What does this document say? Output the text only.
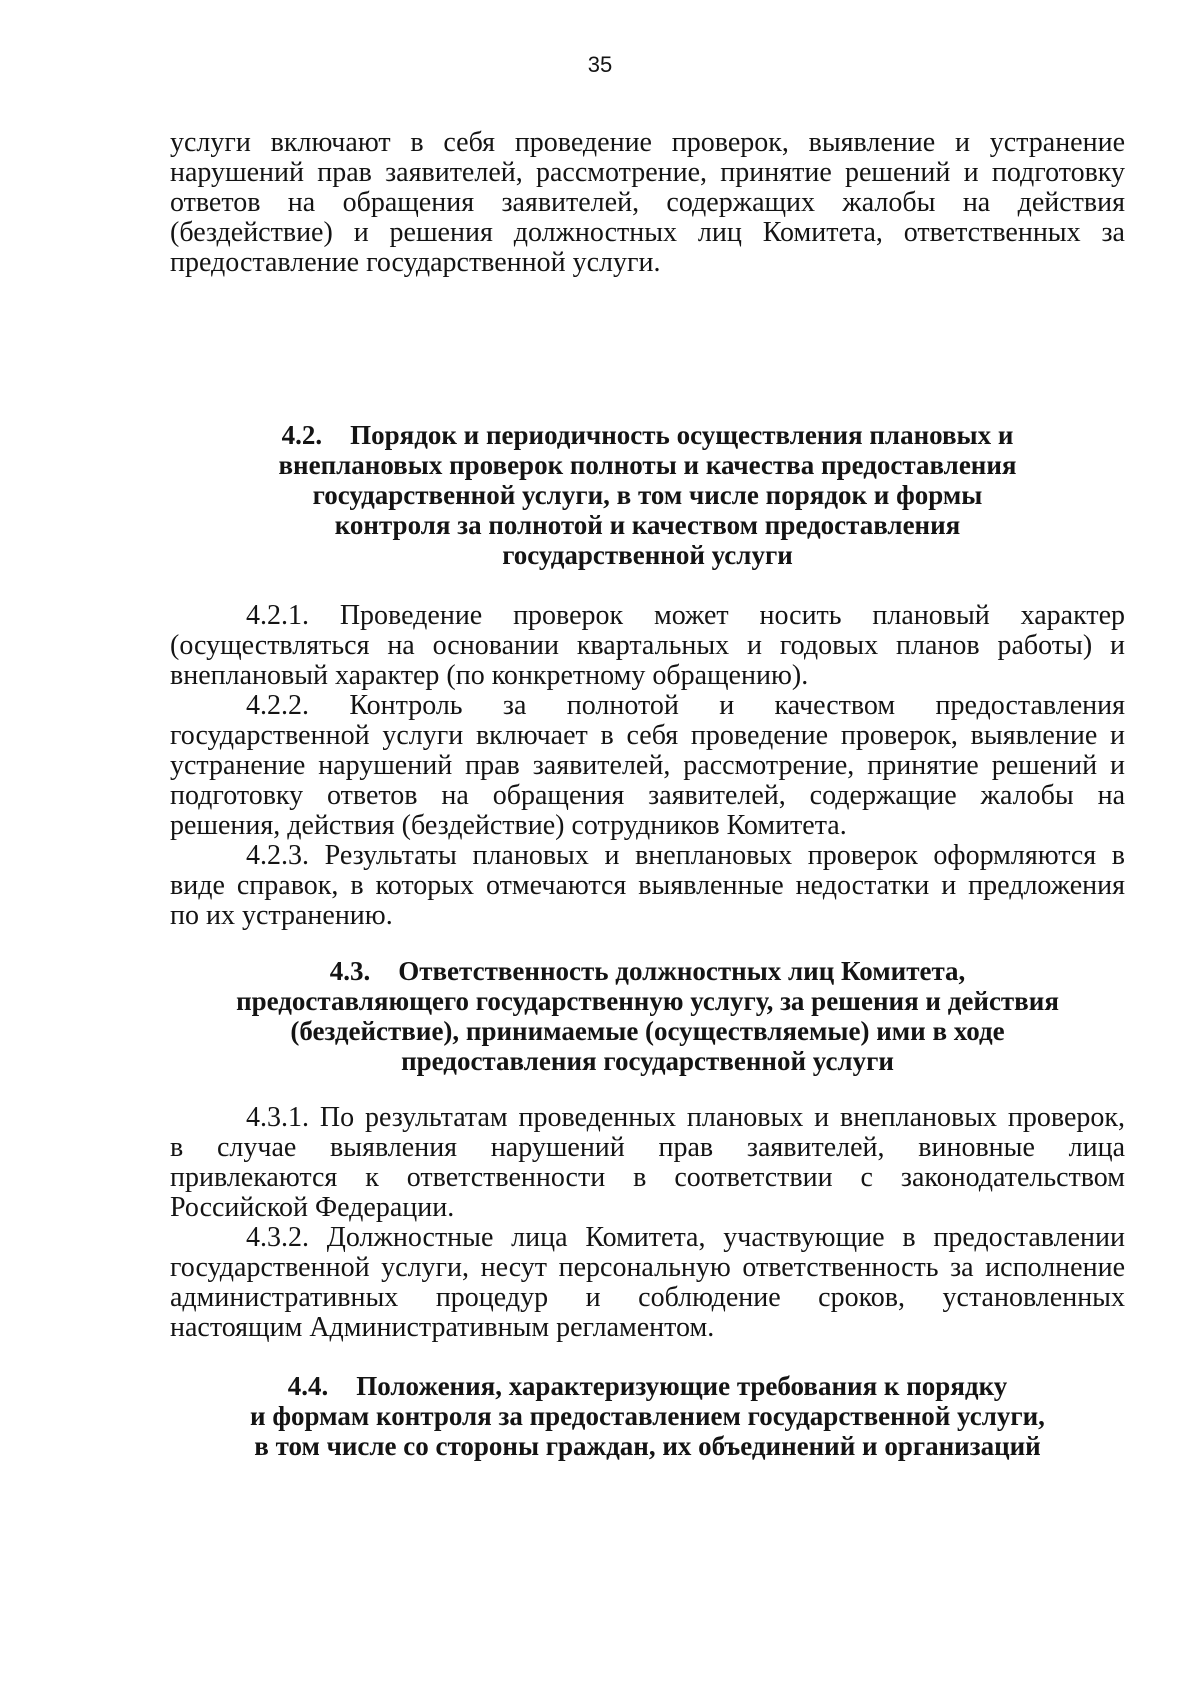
35
услуги включают в себя проведение проверок, выявление и устранение
нарушений прав заявителей, рассмотрение, принятие решений и подготовку
ответов на обращения заявителей, содержащих жалобы на действия
(бездействие) и решения должностных лиц Комитета, ответственных за
предоставление государственной услуги.
4.2. Порядок и периодичность осуществления плановых и
внеплановых проверок полноты и качества предоставления
государственной услуги, в том числе порядок и формы
контроля за полнотой и качеством предоставления
государственной услуги
4.2.1. Проведение проверок может носить плановый характер
(осуществляться на основании квартальных и годовых планов работы) и
внеплановый характер (по конкретному обращению).
4.2.2. Контроль за полнотой и качеством предоставления
государственной услуги включает в себя проведение проверок, выявление и
устранение нарушений прав заявителей, рассмотрение, принятие решений и
подготовку ответов на обращения заявителей, содержащие жалобы на
решения, действия (бездействие) сотрудников Комитета.
4.2.3. Результаты плановых и внеплановых проверок оформляются в
виде справок, в которых отмечаются выявленные недостатки и предложения
по их устранению.
4.3. Ответственность должностных лиц Комитета,
предоставляющего государственную услугу, за решения и действия
(бездействие), принимаемые (осуществляемые) ими в ходе
предоставления государственной услуги
4.3.1. По результатам проведенных плановых и внеплановых проверок,
в случае выявления нарушений прав заявителей, виновные лица
привлекаются к ответственности в соответствии с законодательством
Российской Федерации.
4.3.2. Должностные лица Комитета, участвующие в предоставлении
государственной услуги, несут персональную ответственность за исполнение
административных процедур и соблюдение сроков, установленных
настоящим Административным регламентом.
4.4. Положения, характеризующие требования к порядку
и формам контроля за предоставлением государственной услуги,
в том числе со стороны граждан, их объединений и организаций
